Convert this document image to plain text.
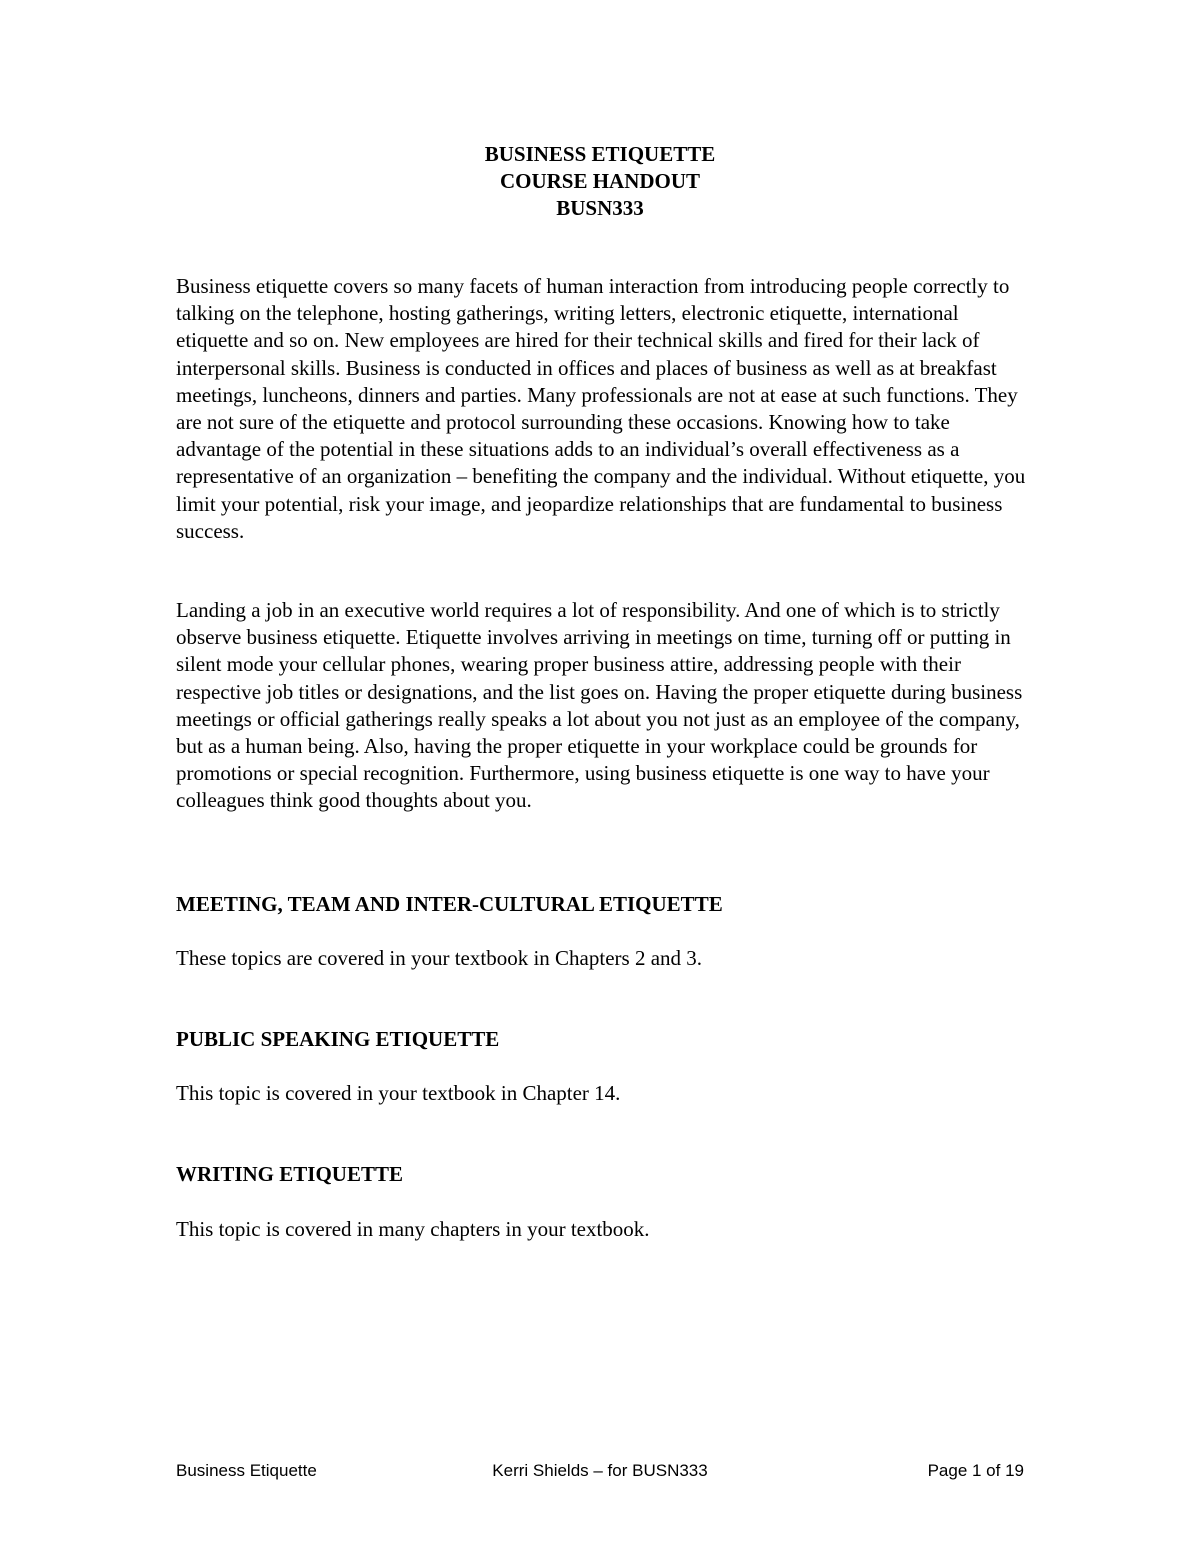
BUSINESS ETIQUETTE
COURSE HANDOUT
BUSN333

Business etiquette covers so many facets of human interaction from introducing people correctly to talking on the telephone, hosting gatherings, writing letters, electronic etiquette, international etiquette and so on. New employees are hired for their technical skills and fired for their lack of interpersonal skills. Business is conducted in offices and places of business as well as at breakfast meetings, luncheons, dinners and parties. Many professionals are not at ease at such functions. They are not sure of the etiquette and protocol surrounding these occasions. Knowing how to take advantage of the potential in these situations adds to an individual’s overall effectiveness as a representative of an organization – benefiting the company and the individual. Without etiquette, you limit your potential, risk your image, and jeopardize relationships that are fundamental to business success.

Landing a job in an executive world requires a lot of responsibility. And one of which is to strictly observe business etiquette. Etiquette involves arriving in meetings on time, turning off or putting in silent mode your cellular phones, wearing proper business attire, addressing people with their respective job titles or designations, and the list goes on. Having the proper etiquette during business meetings or official gatherings really speaks a lot about you not just as an employee of the company, but as a human being. Also, having the proper etiquette in your workplace could be grounds for promotions or special recognition. Furthermore, using business etiquette is one way to have your colleagues think good thoughts about you.

MEETING, TEAM AND INTER-CULTURAL ETIQUETTE

These topics are covered in your textbook in Chapters 2 and 3.

PUBLIC SPEAKING ETIQUETTE

This topic is covered in your textbook in Chapter 14.

WRITING ETIQUETTE

This topic is covered in many chapters in your textbook.

Business Etiquette	Kerri Shields – for BUSN333	Page 1 of 19
